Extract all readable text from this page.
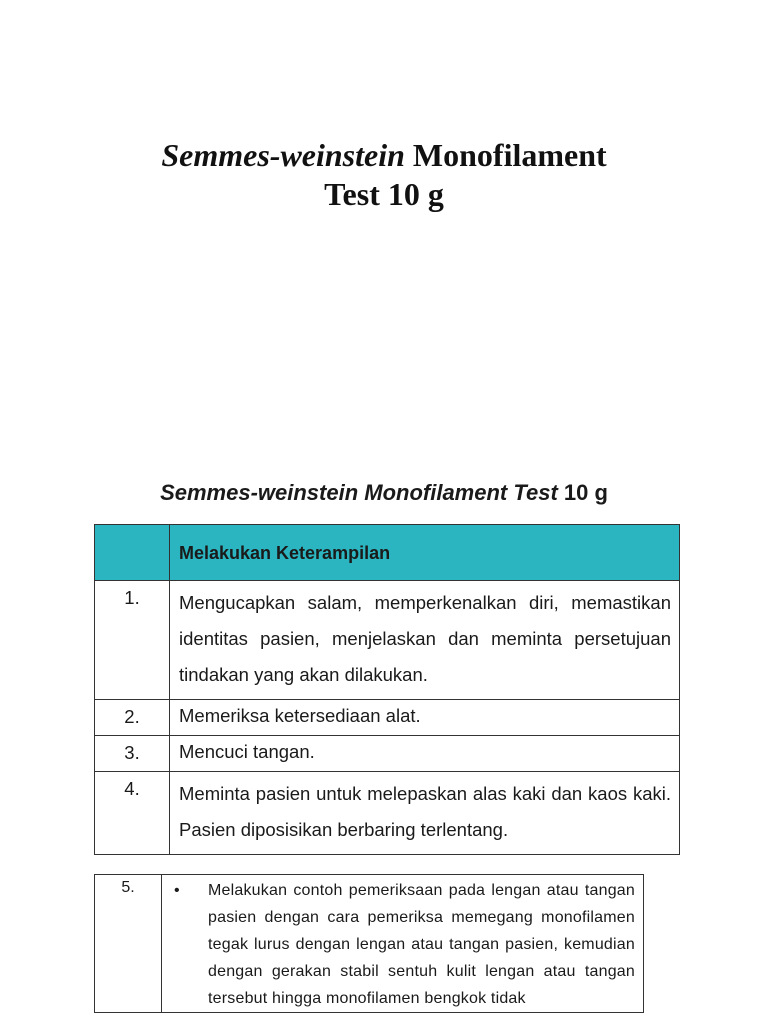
Semmes-weinstein Monofilament
Test 10 g
Semmes-weinstein Monofilament Test 10 g
	Melakukan Keterampilan
1.	Mengucapkan salam, memperkenalkan diri, memastikan identitas pasien, menjelaskan dan meminta persetujuan tindakan yang akan dilakukan.
2.	Memeriksa ketersediaan alat.
3.	Mencuci tangan.
4.	Meminta pasien untuk melepaskan alas kaki dan kaos kaki. Pasien diposisikan berbaring terlentang.
5.	•	Melakukan contoh pemeriksaan pada lengan atau tangan pasien dengan cara pemeriksa memegang monofilamen tegak lurus dengan lengan atau tangan pasien, kemudian dengan gerakan stabil sentuh kulit lengan atau tangan tersebut hingga monofilamen bengkok tidak
